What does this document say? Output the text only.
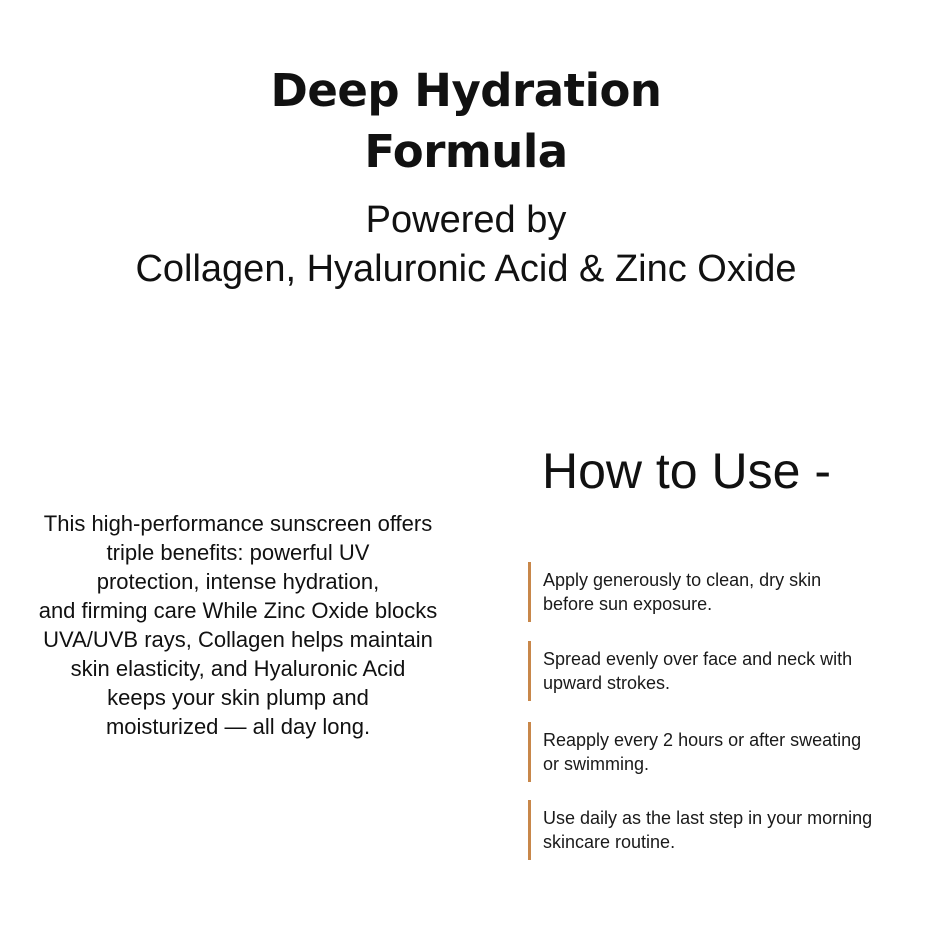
Deep Hydration
Formula

Powered by

Collagen, Hyaluronic Acid & Zinc Oxide

This high-performance sunscreen offers
triple benefits: powerful UV
protection, intense hydration,
and firming care While Zinc Oxide blocks
UVA/UVB rays, Collagen helps maintain
skin elasticity, and Hyaluronic Acid
keeps your skin plump and
moisturized — all day long.
How to Use -
Apply generously to clean, dry skin
before sun exposure.
Spread evenly over face and neck with
upward strokes.
Reapply every 2 hours or after sweating
or swimming.
Use daily as the last step in your morning
skincare routine.
